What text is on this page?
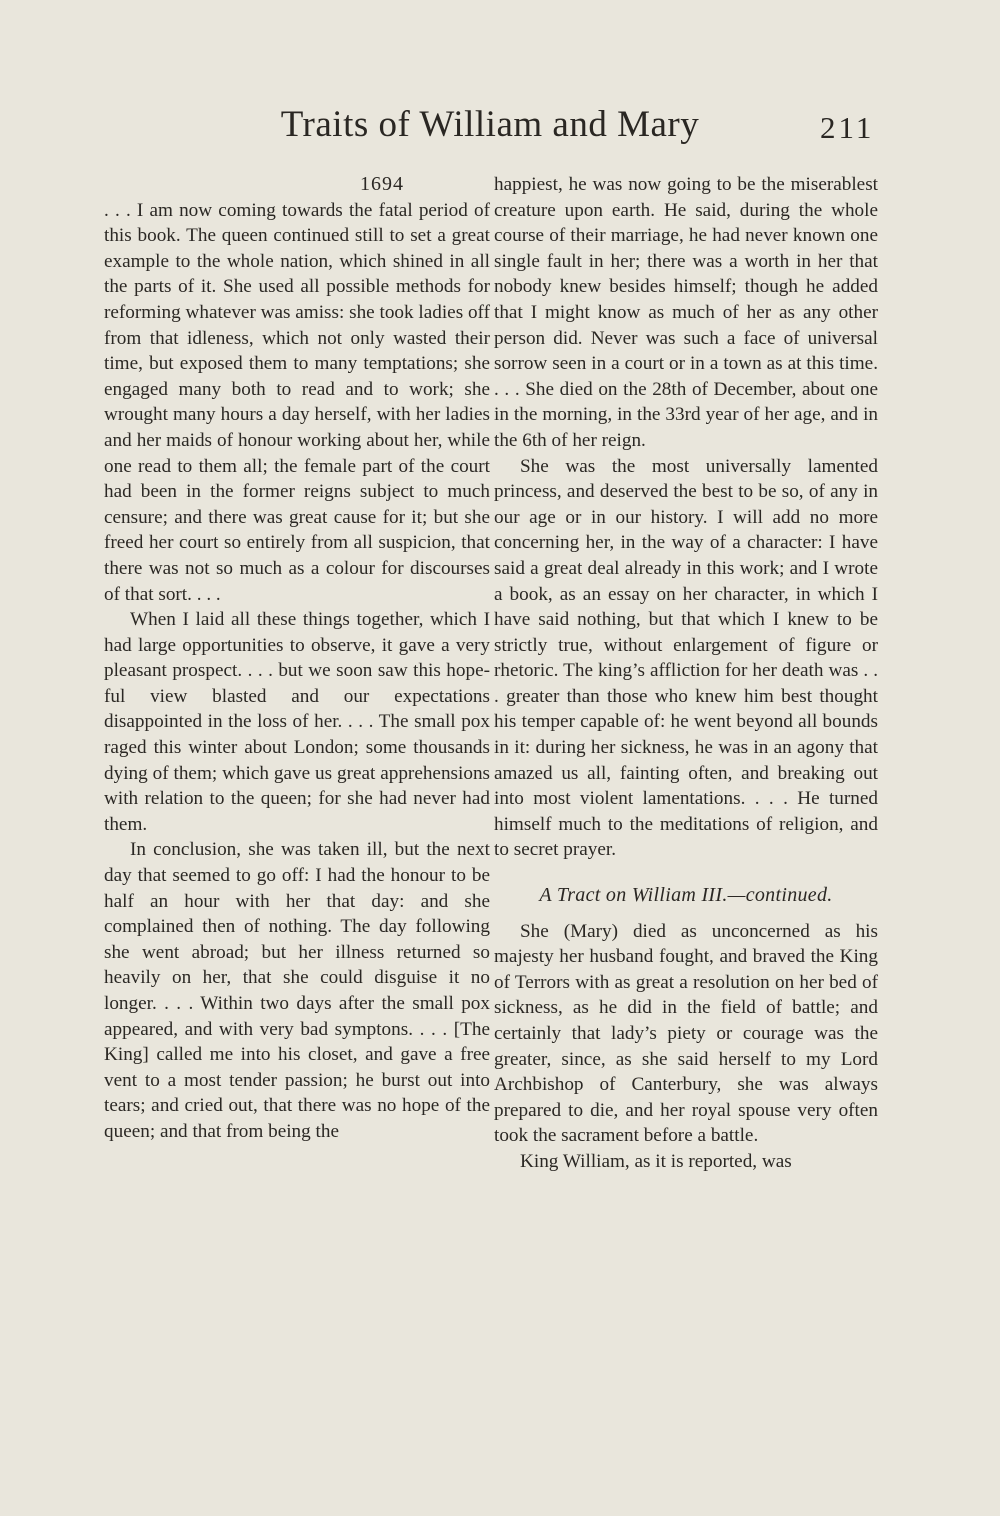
Traits of William and Mary	211

1694

. . . I am now coming towards the fatal period of this book. The queen continued still to set a great example to the whole nation, which shined in all the parts of it. She used all possible methods for reforming whatever was amiss: she took ladies off from that idleness, which not only wasted their time, but exposed them to many temptations; she engaged many both to read and to work; she wrought many hours a day herself, with her ladies and her maids of honour working about her, while one read to them all; the female part of the court had been in the former reigns subject to much censure; and there was great cause for it; but she freed her court so entirely from all suspicion, that there was not so much as a colour for discourses of that sort. . . .

When I laid all these things together, which I had large opportunities to observe, it gave a very pleasant prospect. . . . but we soon saw this hopeful view blasted and our expectations disappointed in the loss of her. . . . The small pox raged this winter about London; some thousands dying of them; which gave us great apprehensions with relation to the queen; for she had never had them.

In conclusion, she was taken ill, but the next day that seemed to go off: I had the honour to be half an hour with her that day: and she complained then of nothing. The day following she went abroad; but her illness returned so heavily on her, that she could disguise it no longer. . . . Within two days after the small pox appeared, and with very bad symptons. . . . [The King] called me into his closet, and gave a free vent to a most tender passion; he burst out into tears; and cried out, that there was no hope of the queen; and that from being the

happiest, he was now going to be the miserablest creature upon earth. He said, during the whole course of their marriage, he had never known one single fault in her; there was a worth in her that nobody knew besides himself; though he added that I might know as much of her as any other person did. Never was such a face of universal sorrow seen in a court or in a town as at this time. . . . She died on the 28th of December, about one in the morning, in the 33rd year of her age, and in the 6th of her reign.

She was the most universally lamented princess, and deserved the best to be so, of any in our age or in our history. I will add no more concerning her, in the way of a character: I have said a great deal already in this work; and I wrote a book, as an essay on her character, in which I have said nothing, but that which I knew to be strictly true, without enlargement of figure or rhetoric. The king’s affliction for her death was . . . greater than those who knew him best thought his temper capable of: he went beyond all bounds in it: during her sickness, he was in an agony that amazed us all, fainting often, and breaking out into most violent lamentations. . . . He turned himself much to the meditations of religion, and to secret prayer.

A Tract on William III.—continued.

She (Mary) died as unconcerned as his majesty her husband fought, and braved the King of Terrors with as great a resolution on her bed of sickness, as he did in the field of battle; and certainly that lady’s piety or courage was the greater, since, as she said herself to my Lord Archbishop of Canterbury, she was always prepared to die, and her royal spouse very often took the sacrament before a battle.

King William, as it is reported, was
